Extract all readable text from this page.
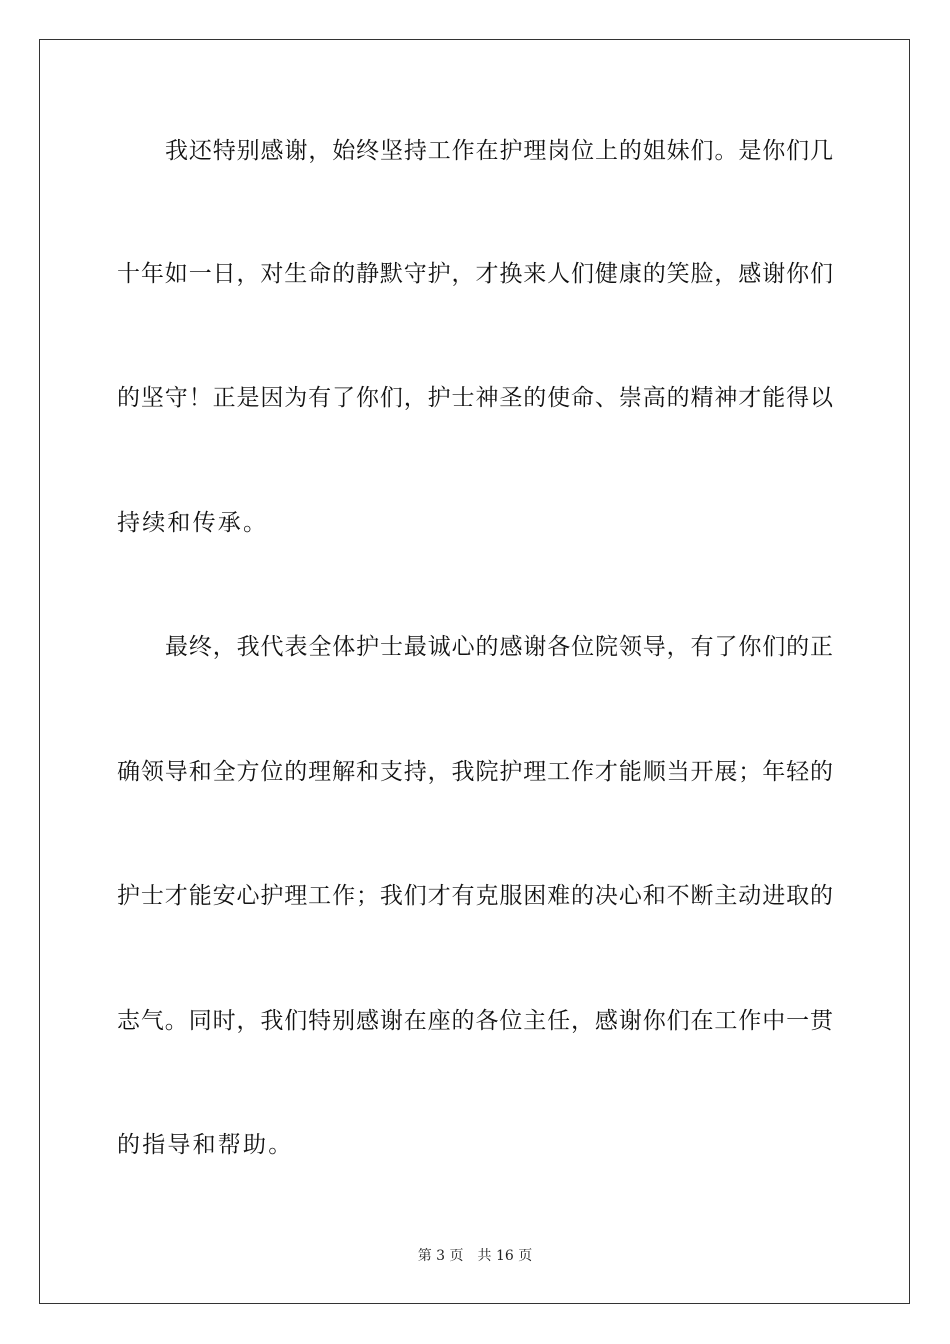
我还特别感谢，始终坚持工作在护理岗位上的姐妹们。是你们几
十年如一日，对生命的静默守护，才换来人们健康的笑脸，感谢你们
的坚守！正是因为有了你们，护士神圣的使命、崇高的精神才能得以
持续和传承。
最终，我代表全体护士最诚心的感谢各位院领导，有了你们的正
确领导和全方位的理解和支持，我院护理工作才能顺当开展；年轻的
护士才能安心护理工作；我们才有克服困难的决心和不断主动进取的
志气。同时，我们特别感谢在座的各位主任，感谢你们在工作中一贯
的指导和帮助。
第 3 页 共 16 页
